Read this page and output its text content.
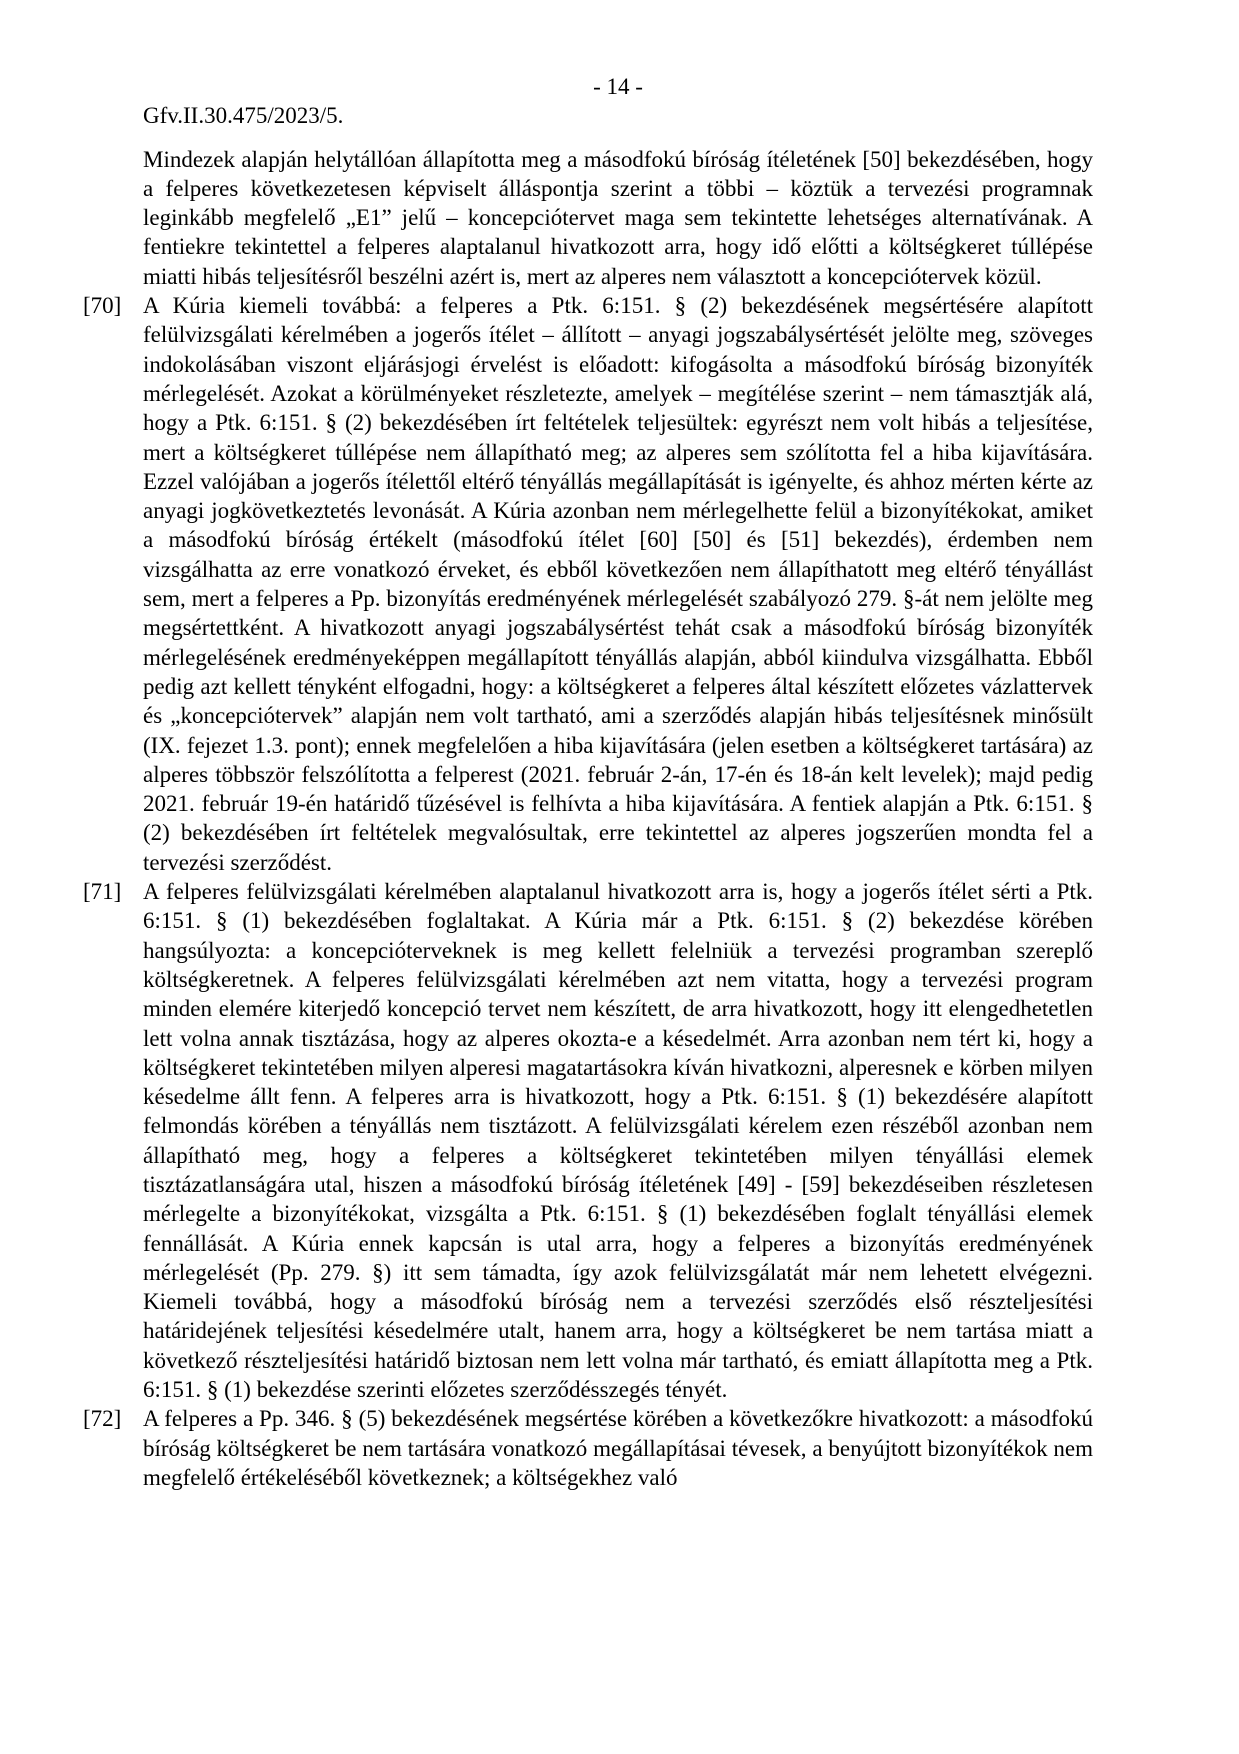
- 14 -
Gfv.II.30.475/2023/5.
Mindezek alapján helytállóan állapította meg a másodfokú bíróság ítéletének [50] bekezdésében, hogy a felperes következetesen képviselt álláspontja szerint a többi – köztük a tervezési programnak leginkább megfelelő „E1” jelű – koncepciótervet maga sem tekintette lehetséges alternatívának. A fentiekre tekintettel a felperes alaptalanul hivatkozott arra, hogy idő előtti a költségkeret túllépése miatti hibás teljesítésről beszélni azért is, mert az alperes nem választott a koncepciótervek közül.
[70] A Kúria kiemeli továbbá: a felperes a Ptk. 6:151. § (2) bekezdésének megsértésére alapított felülvizsgálati kérelmében a jogerős ítélet – állított – anyagi jogszabálysértését jelölte meg, szöveges indokolásában viszont eljárásjogi érvelést is előadott: kifogásolta a másodfokú bíróság bizonyíték mérlegelését. Azokat a körülményeket részletezte, amelyek – megítélése szerint – nem támasztják alá, hogy a Ptk. 6:151. § (2) bekezdésében írt feltételek teljesültek: egyrészt nem volt hibás a teljesítése, mert a költségkeret túllépése nem állapítható meg; az alperes sem szólította fel a hiba kijavítására. Ezzel valójában a jogerős ítélettől eltérő tényállás megállapítását is igényelte, és ahhoz mérten kérte az anyagi jogkövetkeztetés levonását. A Kúria azonban nem mérlegelhette felül a bizonyítékokat, amiket a másodfokú bíróság értékelt (másodfokú ítélet [60] [50] és [51] bekezdés), érdemben nem vizsgálhatta az erre vonatkozó érveket, és ebből következően nem állapíthatott meg eltérő tényállást sem, mert a felperes a Pp. bizonyítás eredményének mérlegelését szabályozó 279. §-át nem jelölte meg megsértettként. A hivatkozott anyagi jogszabálysértést tehát csak a másodfokú bíróság bizonyíték mérlegelésének eredményeképpen megállapított tényállás alapján, abból kiindulva vizsgálhatta. Ebből pedig azt kellett tényként elfogadni, hogy: a költségkeret a felperes által készített előzetes vázlattervek és „koncepciótervek” alapján nem volt tartható, ami a szerződés alapján hibás teljesítésnek minősült (IX. fejezet 1.3. pont); ennek megfelelően a hiba kijavítására (jelen esetben a költségkeret tartására) az alperes többször felszólította a felperest (2021. február 2-án, 17-én és 18-án kelt levelek); majd pedig 2021. február 19-én határidő tűzésével is felhívta a hiba kijavítására. A fentiek alapján a Ptk. 6:151. § (2) bekezdésében írt feltételek megvalósultak, erre tekintettel az alperes jogszerűen mondta fel a tervezési szerződést.
[71] A felperes felülvizsgálati kérelmében alaptalanul hivatkozott arra is, hogy a jogerős ítélet sérti a Ptk. 6:151. § (1) bekezdésében foglaltakat. A Kúria már a Ptk. 6:151. § (2) bekezdése körében hangsúlyozta: a koncepcióterveknek is meg kellett felelniük a tervezési programban szereplő költségkeretnek. A felperes felülvizsgálati kérelmében azt nem vitatta, hogy a tervezési program minden elemére kiterjedő koncepció tervet nem készített, de arra hivatkozott, hogy itt elengedhetetlen lett volna annak tisztázása, hogy az alperes okozta-e a késedelmét. Arra azonban nem tért ki, hogy a költségkeret tekintetében milyen alperesi magatartásokra kíván hivatkozni, alperesnek e körben milyen késedelme állt fenn. A felperes arra is hivatkozott, hogy a Ptk. 6:151. § (1) bekezdésére alapított felmondás körében a tényállás nem tisztázott. A felülvizsgálati kérelem ezen részéből azonban nem állapítható meg, hogy a felperes a költségkeret tekintetében milyen tényállási elemek tisztázatlanságára utal, hiszen a másodfokú bíróság ítéletének [49] - [59] bekezdéseiben részletesen mérlegelte a bizonyítékokat, vizsgálta a Ptk. 6:151. § (1) bekezdésében foglalt tényállási elemek fennállását. A Kúria ennek kapcsán is utal arra, hogy a felperes a bizonyítás eredményének mérlegelését (Pp. 279. §) itt sem támadta, így azok felülvizsgálatát már nem lehetett elvégezni. Kiemeli továbbá, hogy a másodfokú bíróság nem a tervezési szerződés első részteljesítési határidejének teljesítési késedelmére utalt, hanem arra, hogy a költségkeret be nem tartása miatt a következő részteljesítési határidő biztosan nem lett volna már tartható, és emiatt állapította meg a Ptk. 6:151. § (1) bekezdése szerinti előzetes szerződésszegés tényét.
[72] A felperes a Pp. 346. § (5) bekezdésének megsértése körében a következőkre hivatkozott: a másodfokú bíróság költségkeret be nem tartására vonatkozó megállapításai tévesek, a benyújtott bizonyítékok nem megfelelő értékeléséből következnek; a költségekhez való
